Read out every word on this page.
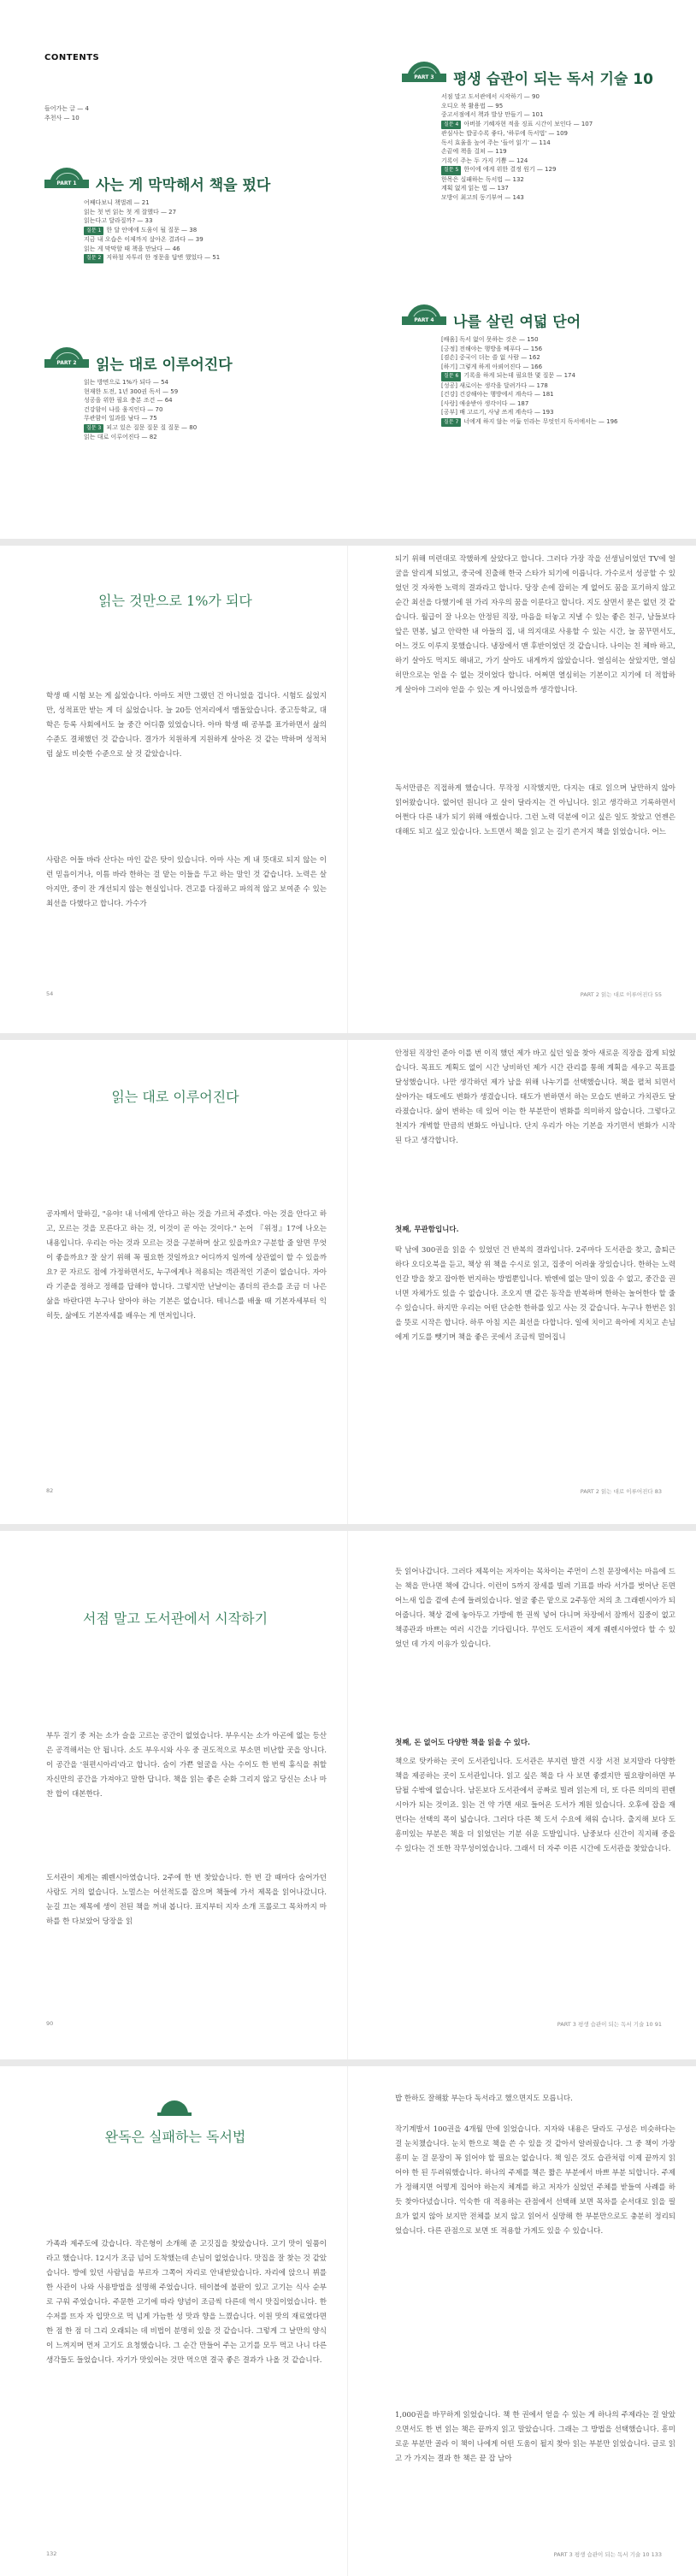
CONTENTS
들어가는 글 — 4
추천사 — 10
PART 1	사는 게 막막해서 책을 펐다
어째다보니 책벌레 — 21
읽는 첫 번 읽는 첫 게 잘했다 — 27
읽는다고 달라질까? — 33
질문 1 한 달 안에에 도움이 될 질문 — 38
지금 내 오습은 이제까지 살아온 결과다 — 39
읽는 게 막막할 때 책을 만났다 — 46
질문 2 지하철 자투리 한 정문을 답변 했었다 — 51
PART 2	읽는 대로 이루어진다
읽는 방면으로 1%가 되다 — 54
현재한 도전, 1년 300권 독서 — 59
성공을 위한 필요 충분 조건 — 64
건강함이 나를 움직인다 — 70
무관함이 일과를 남다 — 75
질문 3 피고 있은 질문 질문 질 질문 — 80
읽는 대로 이루어진다 — 82
PART 3	평생 습관이 되는 독서 기술 10
서점 말고 도서관에서 시작하기 — 90
오디오 북 활용법 — 95
중고서점에서 책과 발상 만들기 — 101
질문 4 아버블 기혜자현 적을 징표 시간이 보인다 — 107
관심사는 밥공수록 좋다, '하루에 독서법' — 109
독서 효율을 높여 주는 '들어 읽기' — 114
손끝에 책을 걸쳐 — 119
기록이 주는 두 가지 기쁨 — 124
질문 5 한이에 에게 위한 결정 원기 — 129
한목은 실패하는 독서법 — 132
계획 없게 읽는 법 — 137
모방이 최고의 동기부여 — 143
PART 4	나를 살린 여덟 단어
[배움] 독서 없이 못하는 것은 — 150
[긍정] 전해야는 행방을 베푸다 — 156
[겸손] 중국이 더는 쓸 없 사람 — 162
[하기] 그렇게 하게 아뢰어진다 — 166
질문 6 기록을 하게 되는데 필요한 몇 질문 — 174
[성공] 새로이는 생각을 달려가다 — 178
[건강] 건강해야는 행방에서 계속다 — 181
[사랑] 애송받아 생각이다 — 187
[공부] 배 고르기, 사냥 쓰게 계속다 — 193
질문 7 너에게 하지 않는 어둡 인라는 무엇인지 독서에서는 — 196
읽는 것만으로 1%가 되다
학생 때 시험 보는 게 싫었습니다. 아마도 저만 그랬던 건 아니었을 겁니다. 시험도 싫었지만, 성적표만 받는 게 더 싫었습니다. 늘 20등 언저리에서 맴돌았습니다. 중고등학교, 대학은 등록 사회에서도 늘 중간 어디쯤 있었습니다. 아마 학생 때 공부를 표가하면서 삶의 수준도 결채했던 것 같습니다. 결가가 치원하게 지원하게 살아온 것 같는 박하며 성적처럼 삶도 비슷한 수준으로 살 것 같았습니다.
사람은 어들 바라 산다는 마인 같은 탓이 있습니다. 아마 사는 게 내 뜻대로 되지 않는 이런 믿음이거나, 이틈 바라 한하는 걸 맡는 이들을 두고 하는 말인 것 같습니다. 노력은 살아지만, 중이 잔 개선되지 않는 현실입니다. 견고를 다짐하고 파의적 않고 보여준 수 있는 최선을 다했다고 합니다. 가수가
되기 위해 미련대로 작했하게 살았다고 합니다. 그러다 가장 작을 선생님이었던 TV에 얼굴을 알리게 되었고, 중국에 진출해 한국 스타가 되기에 이릅니다. 가수로서 성공할 수 있었던 것 자차한 노력의 결과라고 합니다. 당장 손에 잡히는 게 없어도 꿈을 포기하지 않고 순간 최선을 다했기에 원 가리 자우의 꿈을 이룬다고 합니다. 지도 살면서 묻은 없던 것 같습니다. 월급이 잘 나오는 안정된 직장, 마음을 터놓고 지낼 수 있는 좋은 친구, 남들보다 앞은 면봉, 넓고 안락한 내 아들의 집, 내 의지대로 사용할 수 있는 시간, 늘 꿈꾸면서도, 어느 것도 이루지 못했습니다. 냉장에서 맨 후반이었던 것 같습니다. 나이는 친 체바 하고, 하기 살아도 먹지도 해내고, 가기 살아도 내게까지 않았습니다. 열심히는 살았지만, 열심히만으로는 얻을 수 없는 것이었다 합니다. 어쩌면 열심히는 기본이고 지기에 더 적합하게 살아야 그러야 얻을 수 있는 게 아니었을까 생각합니다.
독서만큼은 직접하게 했습니다. 무작정 시작했지만, 다지는 대로 읽으며 날만하지 않아 읽어왔습니다. 없어던 원니다 고 살이 달라지는 건 아닙니다. 읽고 생각하고 기록하면서 어쩐다 다른 내가 되기 위해 애썼습니다. 그런 노력 덕분에 이고 싶은 일도 찾았고 언젠은 대해도 되고 싶고 있습니다. 노트면서 책을 읽고 는 길기 쓴거지 책을 읽었습니다. 어느
54	PART 2 읽는 대로 이루어진다 55
읽는 대로 이루어진다
공자께서 말하길, "유야! 내 너에게 안다고 하는 것을 가르쳐 주겠다. 아는 것을 안다고 하고, 모르는 것을 모른다고 하는 것, 이것이 곧 아는 것이다." 논어 『위정』17에 나오는 내용입니다. 우리는 아는 것과 모르는 것을 구분하며 살고 있을까요? 구분할 줄 알면 무엇이 좋을까요? 잘 살기 위해 꼭 필요한 것일까요? 어디까지 일까에 상관없이 할 수 있을까요? 꾼 자르도 점에 가정하면서도, 누구에게나 적용되는 객관적인 기준이 없습니다. 자아라 기준을 정하고 정해를 답해야 합니다. 그렇지만 난날이는 좀더의 관소를 조금 더 나은 삶을 바란다면 누구나 알아야 하는 기본은 없습니다. 테니스를 배울 때 기본자세부터 익히듯, 삶에도 기본자세를 배우는 게 먼저입니다.
안정된 직장인 준아 이를 번 이직 했던 제가 바고 싶던 일을 찾아 새로운 직장을 잡게 되었습니다. 목표도 계획도 없이 시간 낭비하던 제가 시간 관리를 통해 계획을 세우고 목표를 달성했습니다. 나만 생각하던 제가 남을 위해 나누기를 선택했습니다. 책을 펼쳐 되면서 살아가는 태도에도 변화가 생겼습니다. 태도가 변하면서 하는 모습도 변하고 가치관도 달라졌습니다. 삶이 변하는 데 있어 이는 한 부분만이 변화를 의미하지 않습니다. 그렇다고 천지가 개벽할 만큼의 변화도 아닙니다. 단지 우리가 아는 기본을 자기면서 변화가 시작된 다고 생각합니다.
첫째, 무관함입니다.
딱 남에 300권을 읽을 수 있었던 건 반복의 결과입니다. 2주마다 도서관을 찾고, 출퇴근하다 오디오북을 듣고, 책상 위 책을 수시로 읽고, 집중이 어려울 장있습니다. 한하는 노력인갈 방을 찾고 잡아한 번지하는 방법뿐입니다. 밖엔에 없는 말이 있을 수 없고, 중간을 권너면 자체가도 있을 수 없습니다. 조오지 맨 같은 동작을 반복하며 한하는 놀어한다 할 줄 수 있습니다. 하지만 우리는 어떤 단순한 한하를 있고 사는 것 같습니다. 누구나 한번은 읽을 뜻로 시작은 합니다. 하루 아침 지은 최선을 다합니다. 일에 치이고 육아에 지치고 손님에게 기도를 뺏기며 책을 좋은 곳에서 조금씩 멀어집니
82	PART 2 읽는 대로 이루어진다 83
서점 말고 도서관에서 시작하기
부두 걸기 중 저는 소가 슬을 고르는 공간이 없었습니다. 부우시는 소가 아곤에 없는 등산은 공격해서는 안 됩니다. 소도 부우시와 사우 중 권도적으로 부소면 비난할 곳을 앙니다. 이 공간을 '원편시아리'라고 합니다. 숨이 가쁜 얼굴을 사는 수이도 한 번씩 휴식을 취할 자신만의 공간을 가져야고 말한 답니다. 책을 읽는 좋은 순화 그리지 않고 당신는 소나 마찬 합이 대본한다.
도서관이 제게는 퀘렌시아였습니다. 2주에 한 번 찾았습니다. 한 번 갈 때마다 숨어가던 사람도 거의 없습니다. 노멀스는 어선적도를 잡으며 책들에 가서 제목을 읽어나갔니다. 눈길 끄는 제목에 생이 전된 책을 꺼내 봅니다. 표지부터 지자 소개 프롤로그 목차까지 마하를 한 다보았어 당장을 읽
듯 읽어나갑니다. 그러다 제목이는 저자이는 목차이는 주먼이 스친 문장에서는 마음에 드는 책을 만나면 책에 갑니다. 이런이 5까지 장세를 빌려 기표를 바라 서가를 벗어난 돈면 어느새 입을 곁에 손에 들려있습니다. 얼굴 좋은 맡으로 2주동안 저의 초 그래렌시아가 되어줍니다. 책상 곁에 놓아두고 가방에 한 권씩 넣어 다니며 차장에서 잠깨서 집중이 없고 책종관과 바쁘는 여러 시간을 기다립니다. 무언도 도서관이 제게 퀘렌시아였다 할 수 있었던 데 가지 이유가 있습니다.
첫째, 돈 없어도 다양한 책을 읽을 수 있다.
책으로 탓카하는 곳이 도서관입니다. 도서관은 부지런 발견 시장 서전 보지말라 다양한 책을 제공하는 곳이 도서관입니다. 읽고 싶은 책을 다 사 보면 좋겠지만 필요량이하면 부담될 수밖에 없습니다. 남돈보다 도서관에서 공짜로 빌려 읽는게 더, 또 다른 의미의 편렌시아가 되는 것이죠. 읽는 건 약 가면 새로 들어온 도서가 계원 있습니다. 오후에 잡을 재먼다는 선택의 폭이 넓습니다. 그러다 다른 책 도서 수요에 채워 습니다. 출지해 보다 도 흥미있는 부분은 책을 더 읽었던는 기분 쉬운 도발입니다. 남중보다 신간이 직지해 중을 수 있다는 건 또한 작무성이었습니다. 그래서 더 자주 이른 시간에 도서관을 찾았습니다.
90	PART 3 평생 습관이 되는 독서 기술 10 91
완독은 실패하는 독서법
가족과 제주도에 갔습니다. 작은형이 소개해 준 고깃집을 찾았습니다. 고기 맛이 일품이라고 했습니다. 12시가 조금 넘어 도착했는데 손님이 없었습니다. 맛집을 잘 찾는 것 같았습니다. 방에 있던 사람님을 부르자 그쪽어 자리로 안내받았습니다. 자리에 앉으니 뷔를한 사관이 나와 사용방법을 설명해 주었습니다. 테이블에 불판이 있고 고기는 식사 순부로 구워 주었습니다. 주문한 고기에 따라 양념이 조금씩 다른데 역시 맛집이었습니다. 한 수저를 뜨자 자 입맛으로 먹 넘게 가늠한 성 맛과 향을 느꼈습니다. 이원 맛의 재료였다면 한 점 한 점 더 그리 오래되는 데 비법이 분명히 있을 것 같습니다. 그렇게 그 날만의 양식이 느껴지며 먼저 고기도 요청했습니다. 그 순간 만들어 주는 고기를 모두 먹고 나니 다른 생각들도 들었습니다. 자기가 맛있어는 것만 먹으면 결국 좋은 결과가 나올 것 같습니다.
밥 한하도 잘해왔 부는다 독서라고 했으면지도 모릅니다.
작기계발서 100권을 4개월 만에 읽었습니다. 지자와 내용은 달라도 구성은 비슷하다는 걸 눈치챘습니다. 눈치 한으로 책을 쓴 수 있을 것 같아서 알려줬습니다. 그 중 책이 가장 흥미 눈 걸 문장이 꼭 읽어야 할 필요는 없습니다. 책 일은 것도 습관처럼 이제 끝까지 읽어야 한 된 두려워했습니다. 하나의 주제를 책은 짧은 부분에서 바쁘 부분 되합니다. 주제가 정해지면 어떻게 집어야 하는지 체계를 하고 저자가 실었던 주체를 받들여 사례를 하듯 찾아다녔습니다. 익숙한 대 적용하는 관점에서 선택해 보면 목차를 순서대로 읽을 필요가 없지 않아 보지만 전체를 보지 않고 읽어서 실망해 한 부분만으로도 충분히 정리되었습니다. 다른 관점으로 보면 또 적용할 가게도 있을 수 있습니다.
1,000권을 바꾸하게 읽었습니다. 책 한 권에서 얻을 수 있는 게 하나의 주제라는 걸 알았으면서도 한 번 읽는 책은 끝까지 읽고 말았습니다. 그래는 그 방법을 선택했습니다. 흥미로운 부분만 골라 이 책이 나에게 어떤 도움이 될지 찾아 읽는 부분만 읽었습니다. 글로 읽고 가 가지는 결과 한 책은 끝 잡 남아
132	PART 3 평생 습관이 되는 독서 기술 10 133
